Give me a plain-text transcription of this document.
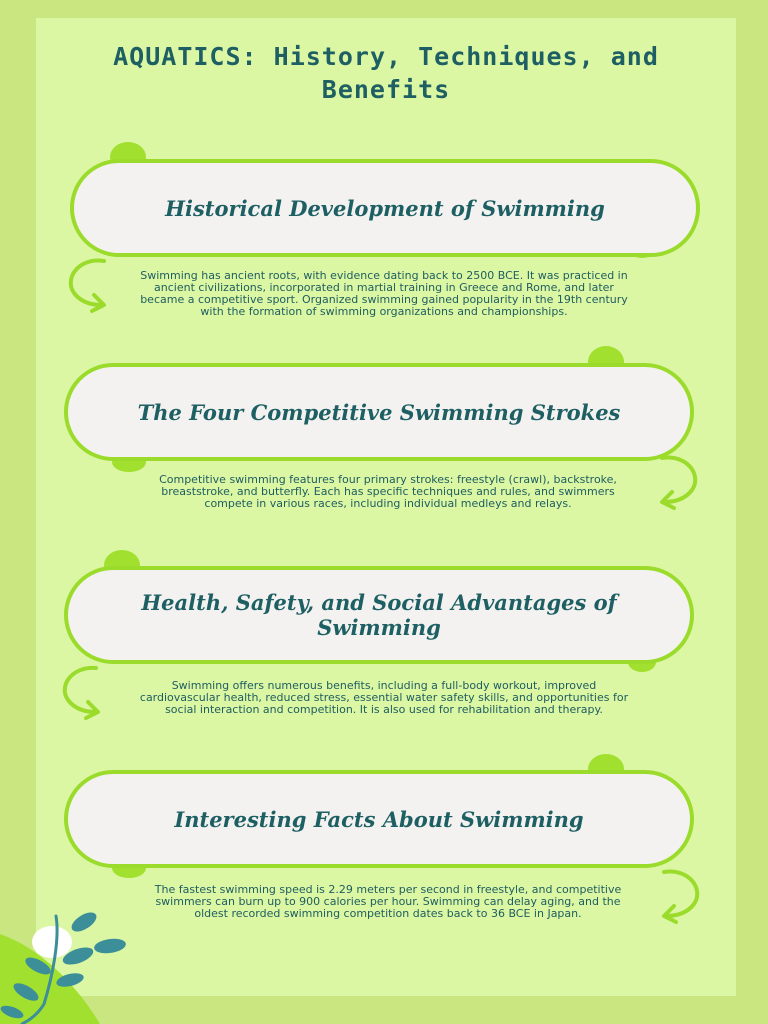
AQUATICS: History, Techniques, and Benefits
Historical Development of Swimming

Swimming has ancient roots, with evidence dating back to 2500 BCE. It was practiced in ancient civilizations, incorporated in martial training in Greece and Rome, and later became a competitive sport. Organized swimming gained popularity in the 19th century with the formation of swimming organizations and championships.

The Four Competitive Swimming Strokes

Competitive swimming features four primary strokes: freestyle (crawl), backstroke, breaststroke, and butterfly. Each has specific techniques and rules, and swimmers compete in various races, including individual medleys and relays.

Health, Safety, and Social Advantages of Swimming

Swimming offers numerous benefits, including a full-body workout, improved cardiovascular health, reduced stress, essential water safety skills, and opportunities for social interaction and competition. It is also used for rehabilitation and therapy.

Interesting Facts About Swimming

The fastest swimming speed is 2.29 meters per second in freestyle, and competitive swimmers can burn up to 900 calories per hour. Swimming can delay aging, and the oldest recorded swimming competition dates back to 36 BCE in Japan.
